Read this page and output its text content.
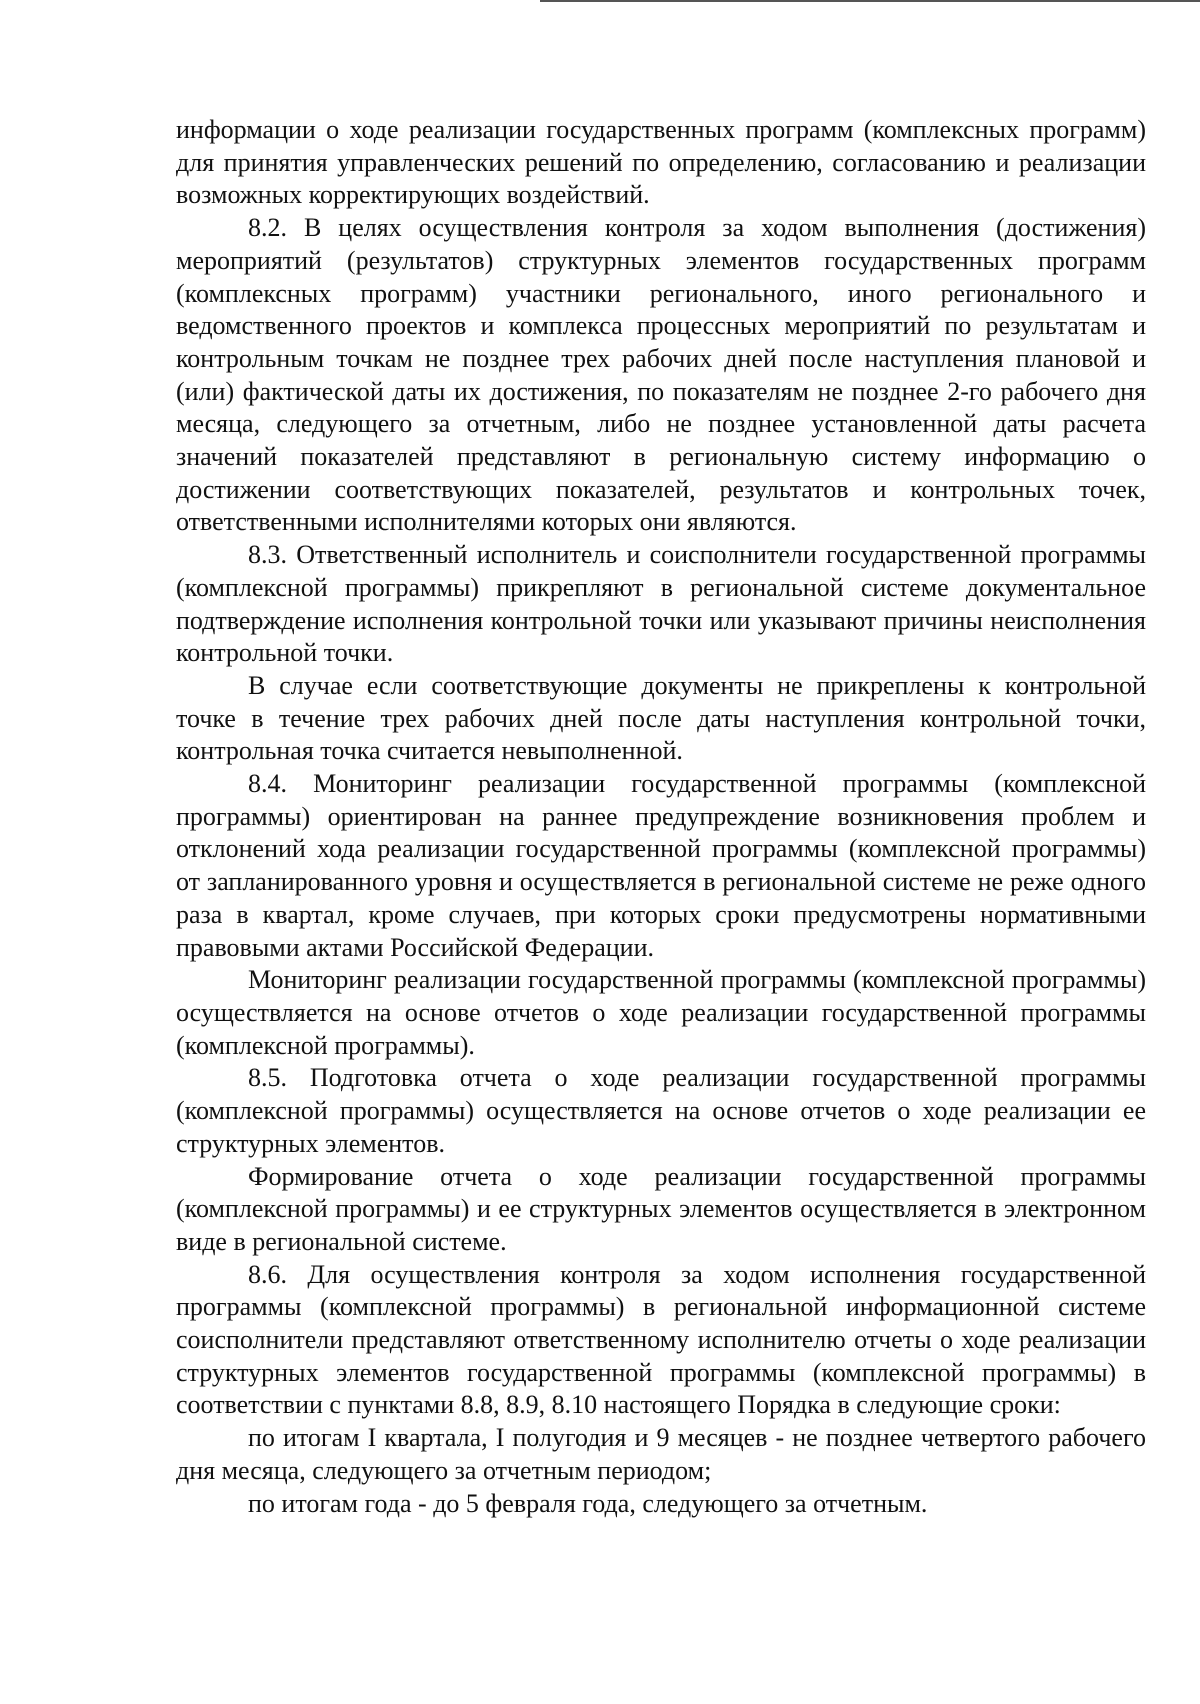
информации о ходе реализации государственных программ (комплексных программ) для принятия управленческих решений по определению, согласованию и реализации возможных корректирующих воздействий.

8.2. В целях осуществления контроля за ходом выполнения (достижения) мероприятий (результатов) структурных элементов государственных программ (комплексных программ) участники регионального, иного регионального и ведомственного проектов и комплекса процессных мероприятий по результатам и контрольным точкам не позднее трех рабочих дней после наступления плановой и (или) фактической даты их достижения, по показателям не позднее 2-го рабочего дня месяца, следующего за отчетным, либо не позднее установленной даты расчета значений показателей представляют в региональную систему информацию о достижении соответствующих показателей, результатов и контрольных точек, ответственными исполнителями которых они являются.

8.3. Ответственный исполнитель и соисполнители государственной программы (комплексной программы) прикрепляют в региональной системе документальное подтверждение исполнения контрольной точки или указывают причины неисполнения контрольной точки.

В случае если соответствующие документы не прикреплены к контрольной точке в течение трех рабочих дней после даты наступления контрольной точки, контрольная точка считается невыполненной.

8.4. Мониторинг реализации государственной программы (комплексной программы) ориентирован на раннее предупреждение возникновения проблем и отклонений хода реализации государственной программы (комплексной программы) от запланированного уровня и осуществляется в региональной системе не реже одного раза в квартал, кроме случаев, при которых сроки предусмотрены нормативными правовыми актами Российской Федерации.

Мониторинг реализации государственной программы (комплексной программы) осуществляется на основе отчетов о ходе реализации государственной программы (комплексной программы).

8.5. Подготовка отчета о ходе реализации государственной программы (комплексной программы) осуществляется на основе отчетов о ходе реализации ее структурных элементов.

Формирование отчета о ходе реализации государственной программы (комплексной программы) и ее структурных элементов осуществляется в электронном виде в региональной системе.

8.6. Для осуществления контроля за ходом исполнения государственной программы (комплексной программы) в региональной информационной системе соисполнители представляют ответственному исполнителю отчеты о ходе реализации структурных элементов государственной программы (комплексной программы) в соответствии с пунктами 8.8, 8.9, 8.10 настоящего Порядка в следующие сроки:

по итогам I квартала, I полугодия и 9 месяцев - не позднее четвертого рабочего дня месяца, следующего за отчетным периодом;

по итогам года - до 5 февраля года, следующего за отчетным.
